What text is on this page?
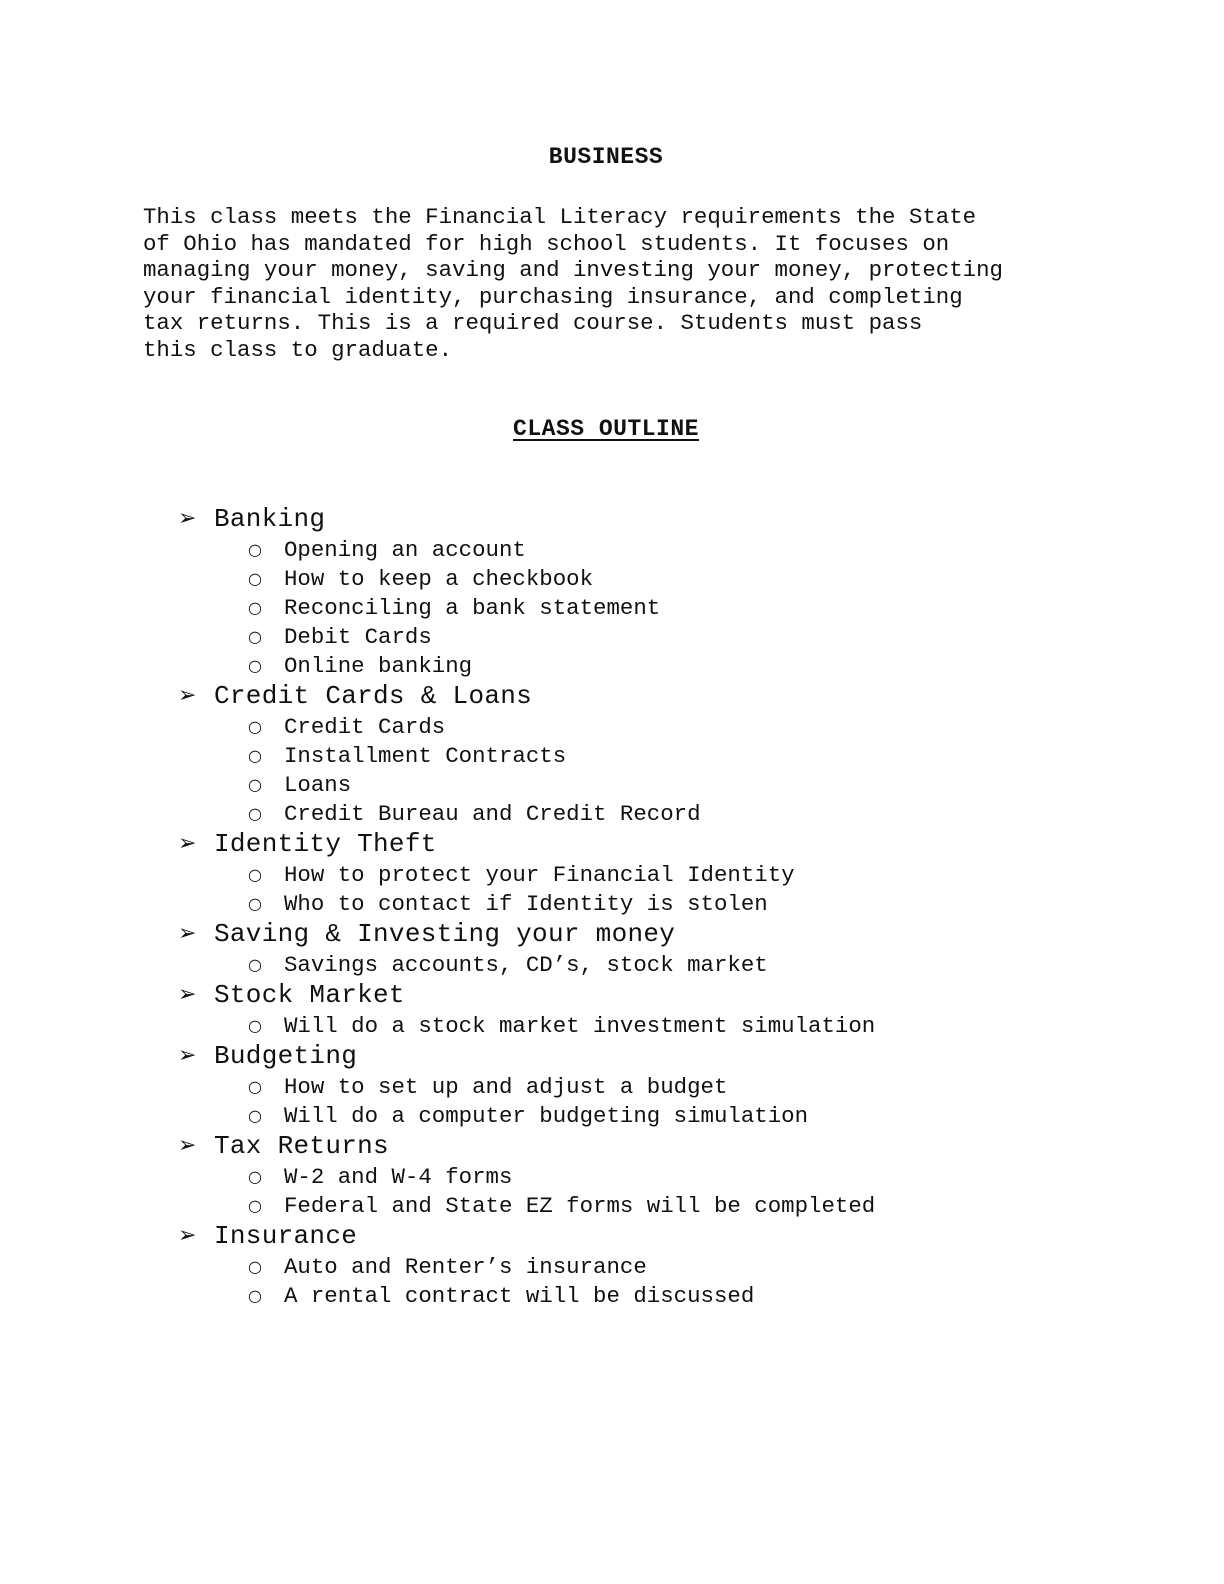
BUSINESS

This class meets the Financial Literacy requirements the State
of Ohio has mandated for high school students. It focuses on
managing your money, saving and investing your money, protecting
your financial identity, purchasing insurance, and completing
tax returns. This is a required course. Students must pass
this class to graduate.

CLASS OUTLINE
➢ Banking
○ Opening an account
○ How to keep a checkbook
○ Reconciling a bank statement
○ Debit Cards
○ Online banking
➢ Credit Cards & Loans
○ Credit Cards
○ Installment Contracts
○ Loans
○ Credit Bureau and Credit Record
➢ Identity Theft
○ How to protect your Financial Identity
○ Who to contact if Identity is stolen
➢ Saving & Investing your money
○ Savings accounts, CD’s, stock market
➢ Stock Market
○ Will do a stock market investment simulation
➢ Budgeting
○ How to set up and adjust a budget
○ Will do a computer budgeting simulation
➢ Tax Returns
○ W-2 and W-4 forms
○ Federal and State EZ forms will be completed
➢ Insurance
○ Auto and Renter’s insurance
○ A rental contract will be discussed
